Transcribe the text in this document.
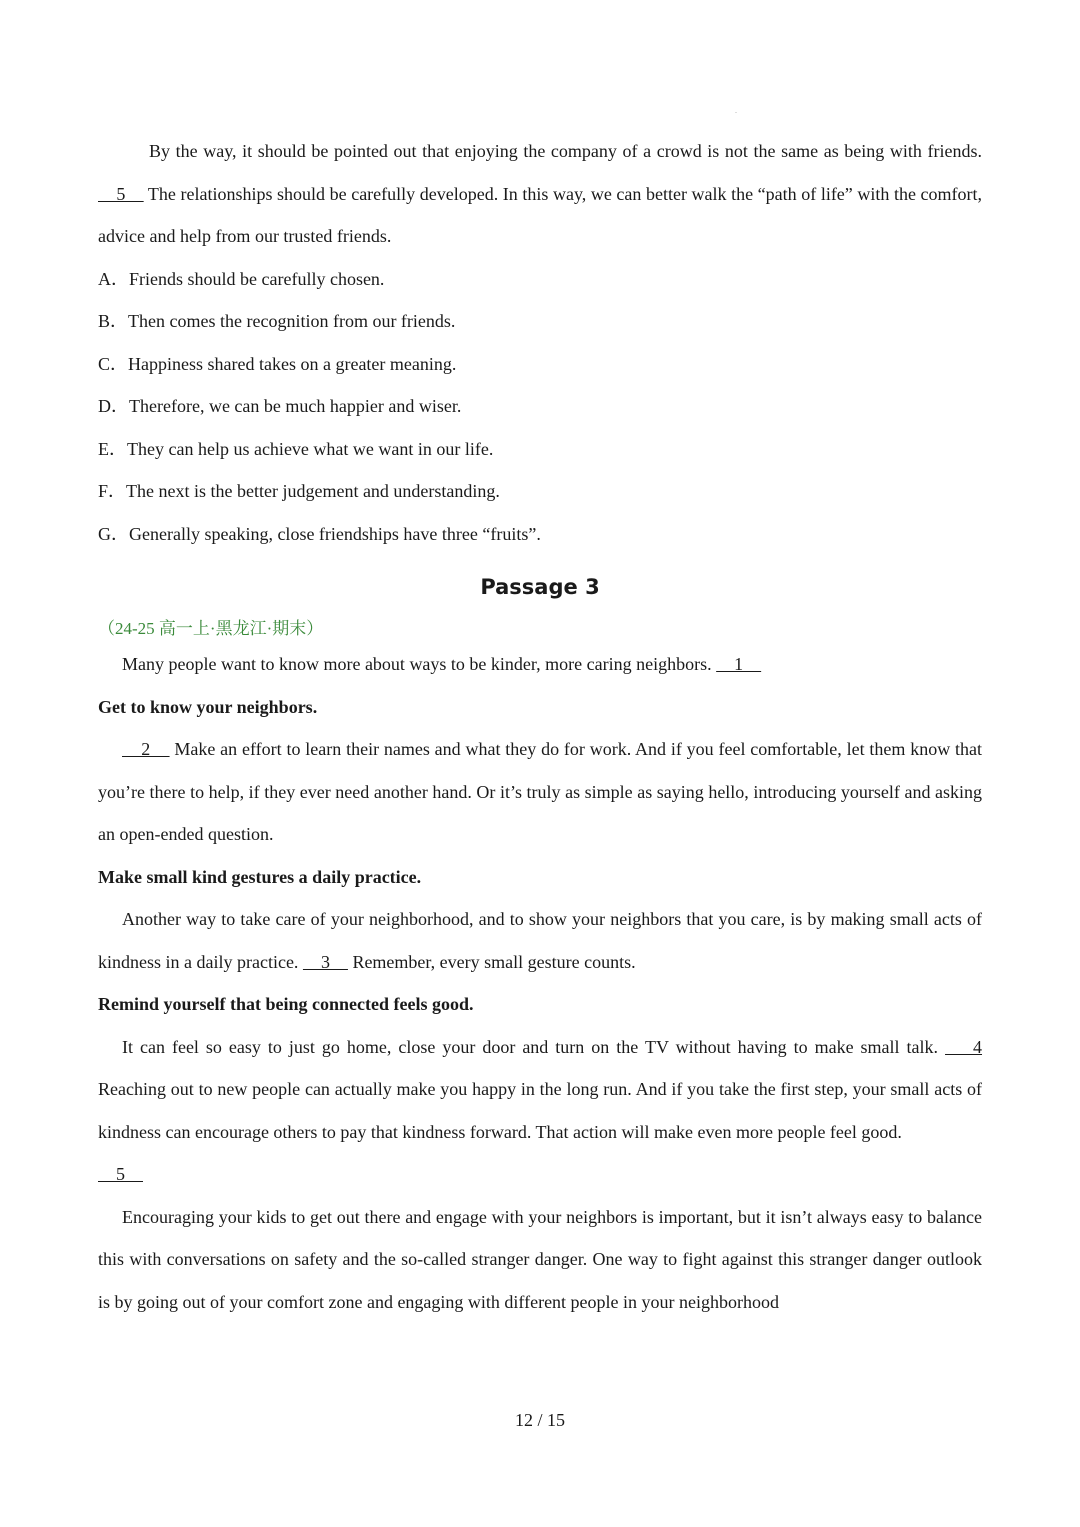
By the way, it should be pointed out that enjoying the company of a crowd is not the same as being with friends.    5     The relationships should be carefully developed. In this way, we can better walk the “path of life” with the comfort, advice and help from our trusted friends.

A．Friends should be carefully chosen.

B．Then comes the recognition from our friends.

C．Happiness shared takes on a greater meaning.

D．Therefore, we can be much happier and wiser.

E．They can help us achieve what we want in our life.

F．The next is the better judgement and understanding.

G．Generally speaking, close friendships have three “fruits”.

Passage 3

（24-25 高一上·黑龙江·期末）

Many people want to know more about ways to be kinder, more caring neighbors.     1

Get to know your neighbors.

2     Make an effort to learn their names and what they do for work. And if you feel comfortable, let them know that you’re there to help, if they ever need another hand. Or it’s truly as simple as saying hello, introducing yourself and asking an open-ended question.

Make small kind gestures a daily practice.

Another way to take care of your neighborhood, and to show your neighbors that you care, is by making small acts of kindness in a daily practice.     3     Remember, every small gesture counts.

Remind yourself that being connected feels good.

It can feel so easy to just go home, close your door and turn on the TV without having to make small talk.     4 Reaching out to new people can actually make you happy in the long run. And if you take the first step, your small acts of kindness can encourage others to pay that kindness forward. That action will make even more people feel good.

5

Encouraging your kids to get out there and engage with your neighbors is important, but it isn’t always easy to balance this with conversations on safety and the so-called stranger danger. One way to fight against this stranger danger outlook is by going out of your comfort zone and engaging with different people in your neighborhood

12 / 15
